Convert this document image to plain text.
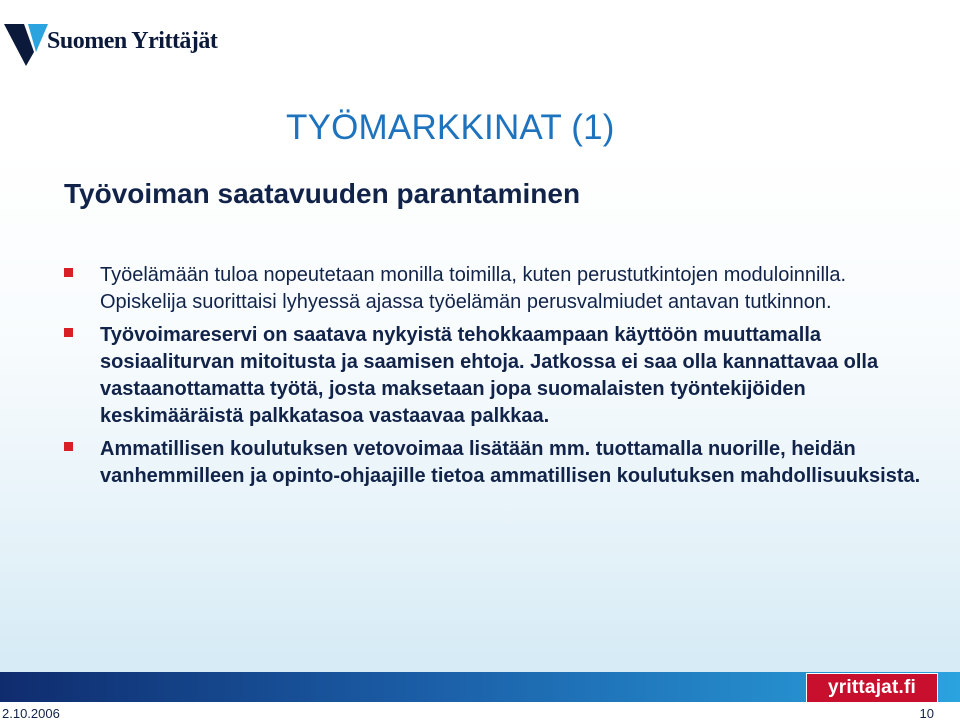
Suomen Yrittäjät
TYÖMARKKINAT (1)
Työvoiman saatavuuden parantaminen
Työelämään tuloa nopeutetaan monilla toimilla, kuten perustutkintojen moduloinnilla. Opiskelija suorittaisi lyhyessä ajassa työelämän perusvalmiudet antavan tutkinnon.
Työvoimareservi on saatava nykyistä tehokkaampaan käyttöön muuttamalla sosiaaliturvan mitoitusta ja saamisen ehtoja. Jatkossa ei saa olla kannattavaa olla vastaanottamatta työtä, josta maksetaan jopa suomalaisten työntekijöiden keskimääräistä palkkatasoa vastaavaa palkkaa.
Ammatillisen koulutuksen vetovoimaa lisätään mm. tuottamalla nuorille, heidän vanhemmilleen ja opinto-ohjaajille tietoa ammatillisen koulutuksen mahdollisuuksista.
yrittajat.fi
2.10.2006	10
